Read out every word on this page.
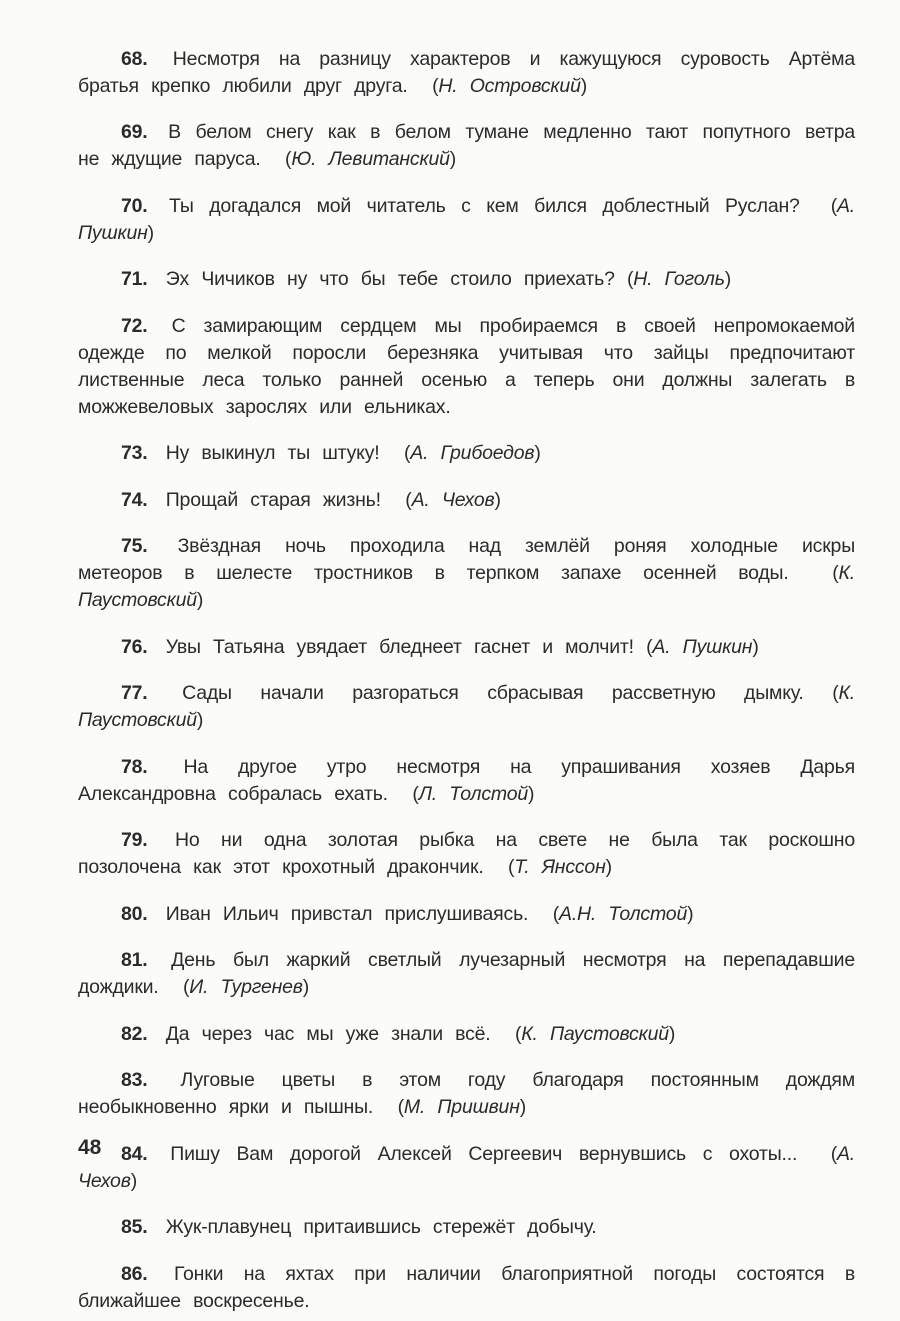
68. Несмотря на разницу характеров и кажущуюся суровость Артёма братья крепко любили друг друга. (Н. Островский)

69. В белом снегу как в белом тумане медленно тают попутного ветра не ждущие паруса. (Ю. Левитанский)

70. Ты догадался мой читатель с кем бился доблестный Руслан? (А. Пушкин)

71. Эх Чичиков ну что бы тебе стоило приехать? (Н. Гоголь)

72. С замирающим сердцем мы пробираемся в своей непромокаемой одежде по мелкой поросли березняка учитывая что зайцы предпочитают лиственные леса только ранней осенью а теперь они должны залегать в можжевеловых зарослях или ельниках.

73. Ну выкинул ты штуку! (А. Грибоедов)

74. Прощай старая жизнь! (А. Чехов)

75. Звёздная ночь проходила над землёй роняя холодные искры метеоров в шелесте тростников в терпком запахе осенней воды. (К. Паустовский)

76. Увы Татьяна увядает бледнеет гаснет и молчит! (А. Пушкин)

77. Сады начали разгораться сбрасывая рассветную дымку. (К. Паустовский)

78. На другое утро несмотря на упрашивания хозяев Дарья Александровна собралась ехать. (Л. Толстой)

79. Но ни одна золотая рыбка на свете не была так роскошно позолочена как этот крохотный дракончик. (Т. Янссон)

80. Иван Ильич привстал прислушиваясь. (А.Н. Толстой)

81. День был жаркий светлый лучезарный несмотря на перепадавшие дождики. (И. Тургенев)

82. Да через час мы уже знали всё. (К. Паустовский)

83. Луговые цветы в этом году благодаря постоянным дождям необыкновенно ярки и пышны. (М. Пришвин)

84. Пишу Вам дорогой Алексей Сергеевич вернувшись с охоты... (А. Чехов)

85. Жук-плавунец притаившись стережёт добычу.

86. Гонки на яхтах при наличии благоприятной погоды состоятся в ближайшее воскресенье.

48
